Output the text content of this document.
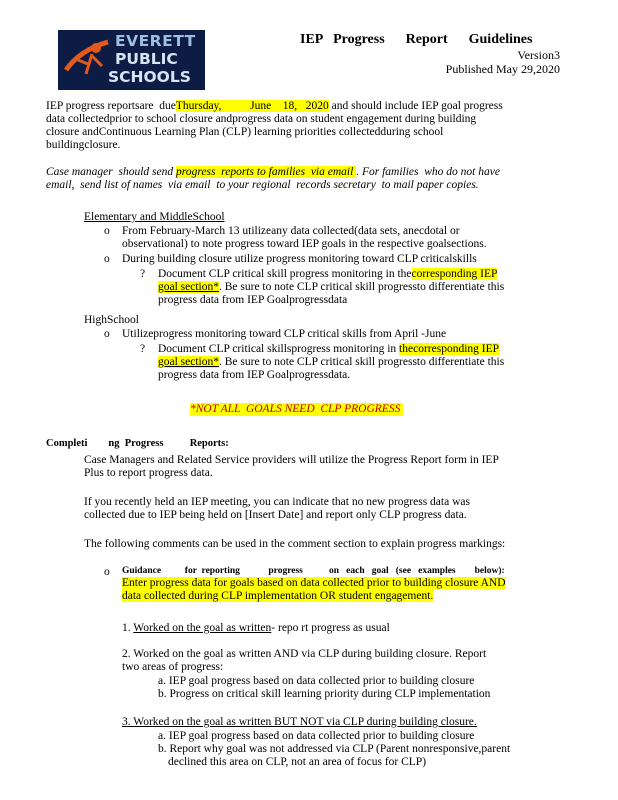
EVERETT
PUBLIC
SCHOOLS
IEP   Progress      Report      Guidelines
Version3
Published May 29,2020

IEP progress reportsare  dueThursday,          June    18,   2020 and should include IEP goal progress

data collectedprior to school closure andprogress data on student engagement during building

closure andContinuous Learning Plan (CLP) learning priorities collectedduring school

buildingclosure.

Case manager  should send progress  reports to families  via email . For families  who do not have

email,  send list of names  via email  to your regional  records secretary  to mail paper copies.

Elementary and MiddleSchool
o From February-March 13 utilizeany data collected(data sets, anecdotal or

observational) to note progress toward IEP goals in the respective goalsections.

o During building closure utilize progress monitoring toward CLP criticalskills
? Document CLP critical skill progress monitoring in thecorresponding IEP

goal section*. Be sure to note CLP critical skill progressto differentiate this

progress data from IEP Goalprogressdata

HighSchool
o Utilizeprogress monitoring toward CLP critical skills from April -June
? Document CLP critical skillsprogress monitoring in thecorresponding IEP

goal section*. Be sure to note CLP critical skill progressto differentiate this

progress data from IEP Goalprogressdata.

*NOT ALL  GOALS NEED  CLP PROGRESS
Completi        ng  Progress          Reports:

Case Managers and Related Service providers will utilize the Progress Report form in IEP

Plus to report progress data.

If you recently held an IEP meeting, you can indicate that no new progress data was

collected due to IEP being held on [Insert Date] and report only CLP progress data.

The following comments can be used in the comment section to explain progress markings:
o Guidance          for  reporting            progress           on   each   goal   (see   examples        below):

Enter progress data for goals based on data collected prior to building closure AND

data collected during CLP implementation OR student engagement.

1. Worked on the goal as written- repo rt progress as usual

2. Worked on the goal as written AND via CLP during building closure. Report

two areas of progress:

a. IEP goal progress based on data collected prior to building closure

b. Progress on critical skill learning priority during CLP implementation

3. Worked on the goal as written BUT NOT via CLP during building closure.

a. IEP goal progress based on data collected prior to building closure

b. Report why goal was not addressed via CLP (Parent nonresponsive,parent

declined this area on CLP, not an area of focus for CLP)
